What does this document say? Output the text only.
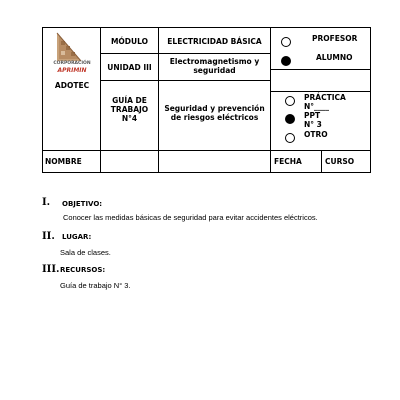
CORPORACIÓN
APRIMIN
ADOTEC
MÓDULO
UNIDAD III
GUÍA DE
TRABAJO
N°4
ELECTRICIDAD BÁSICA
Electromagnetismo y seguridad
Seguridad y prevención de riesgos eléctricos
PROFESOR
ALUMNO
PRÁCTICA
N°____
PPT
N° 3
OTRO
NOMBRE	FECHA	CURSO
I. OBJETIVO:
Conocer las medidas básicas de seguridad para evitar accidentes eléctricos.
II. LUGAR:
Sala de clases.
III. RECURSOS:
Guía de trabajo N° 3.
